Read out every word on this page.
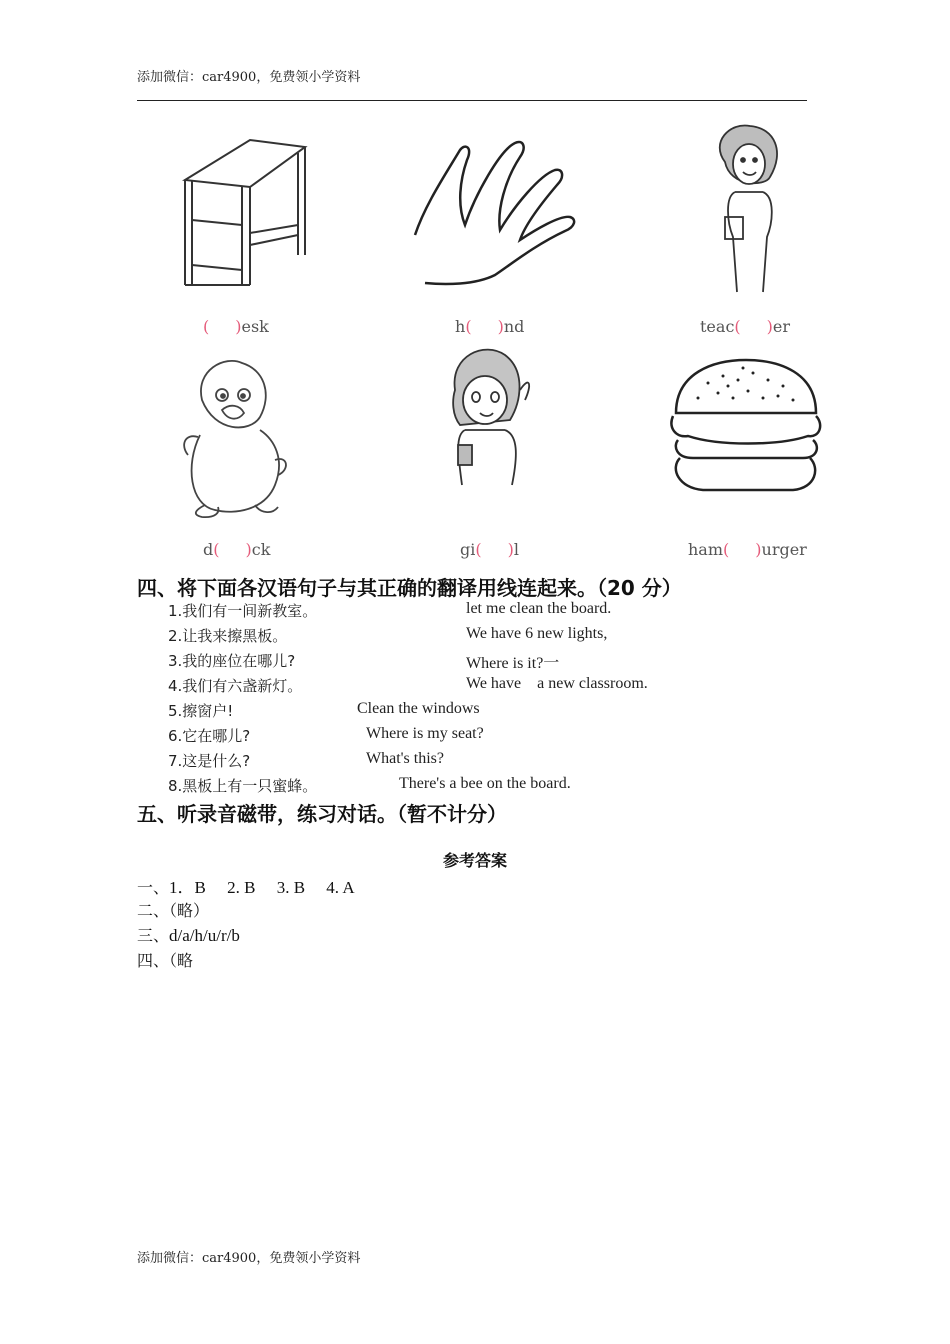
添加微信：car4900，免费领小学资料
( )esk	h( )nd	teac( )er
d( )ck	gi( )l	ham( )urger
四、将下面各汉语句子与其正确的翻译用线连起来。（20 分）
1.我们有一间新教室。	let me clean the board.
2.让我来擦黑板。	We have 6 new lights,
3.我的座位在哪儿?	Where is it?一
4.我们有六盏新灯。	We have    a new classroom.
5.擦窗户!	Clean the windows
6.它在哪儿?	Where is my seat?
7.这是什么?	What's this?
8.黑板上有一只蜜蜂。	There's a bee on the board.
五、听录音磁带，练习对话。（暂不计分）
参考答案
一、1．B     2. B     3. B     4. A
二、（略）
三、d/a/h/u/r/b
四、（略
添加微信：car4900，免费领小学资料
